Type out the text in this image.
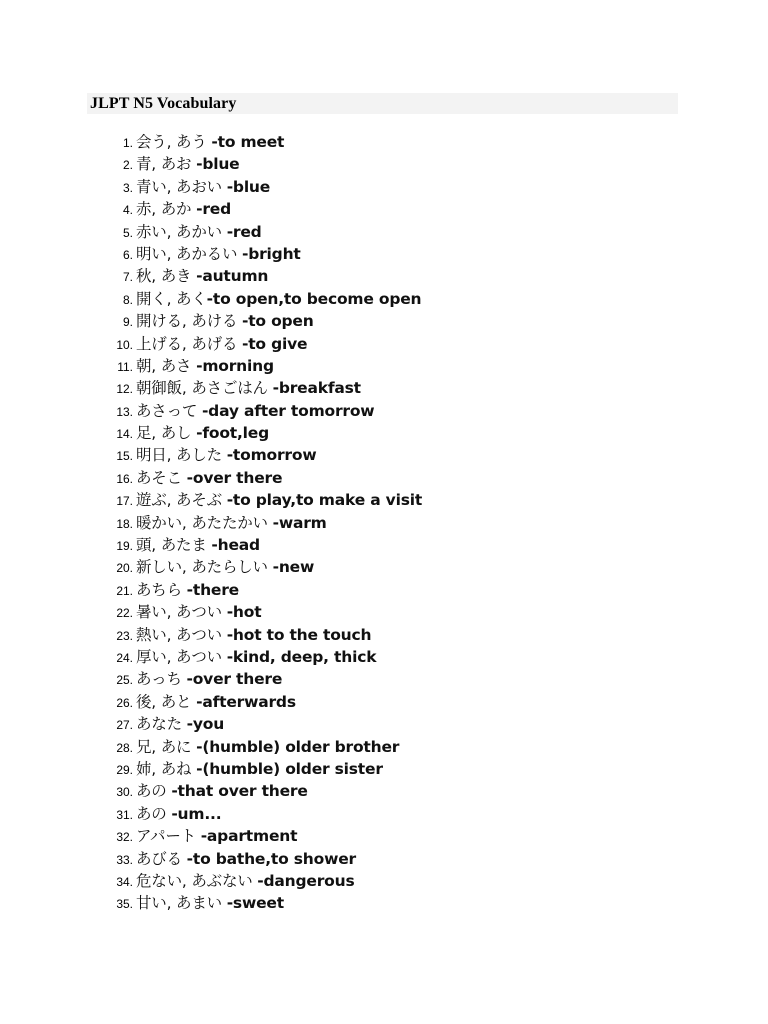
JLPT N5 Vocabulary
1. 会う, あう -to meet
2. 青, あお -blue
3. 青い, あおい -blue
4. 赤, あか -red
5. 赤い, あかい -red
6. 明い, あかるい -bright
7. 秋, あき -autumn
8. 開く, あく-to open,to become open
9. 開ける, あける -to open
10. 上げる, あげる -to give
11. 朝, あさ -morning
12. 朝御飯, あさごはん -breakfast
13. あさって -day after tomorrow
14. 足, あし -foot,leg
15. 明日, あした -tomorrow
16. あそこ -over there
17. 遊ぶ, あそぶ -to play,to make a visit
18. 暖かい, あたたかい -warm
19. 頭, あたま -head
20. 新しい, あたらしい -new
21. あちら -there
22. 暑い, あつい -hot
23. 熱い, あつい -hot to the touch
24. 厚い, あつい -kind, deep, thick
25. あっち -over there
26. 後, あと -afterwards
27. あなた -you
28. 兄, あに -(humble) older brother
29. 姉, あね -(humble) older sister
30. あの -that over there
31. あの -um...
32. アパート -apartment
33. あびる -to bathe,to shower
34. 危ない, あぶない -dangerous
35. 甘い, あまい -sweet
